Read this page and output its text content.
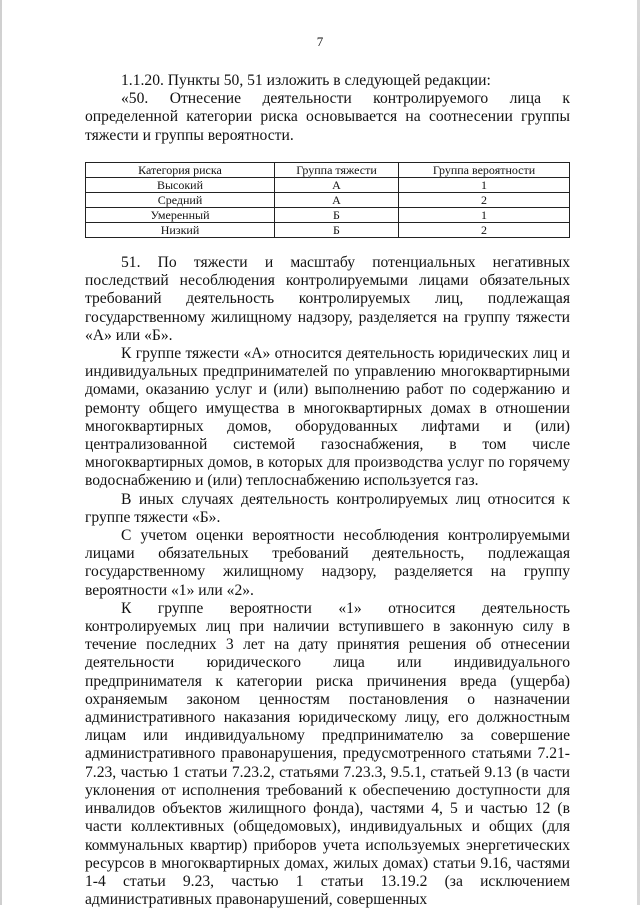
7

1.1.20. Пункты 50, 51 изложить в следующей редакции:

«50. Отнесение деятельности контролируемого лица к определенной категории риска основывается на соотнесении группы тяжести и группы вероятности.

Категория риска	Группа тяжести	Группа вероятности
Высокий	А	1
Средний	А	2
Умеренный	Б	1
Низкий	Б	2

51. По тяжести и масштабу потенциальных негативных последствий несоблюдения контролируемыми лицами обязательных требований деятельность контролируемых лиц, подлежащая государственному жилищному надзору, разделяется на группу тяжести «А» или «Б».

К группе тяжести «А» относится деятельность юридических лиц и индивидуальных предпринимателей по управлению многоквартирными домами, оказанию услуг и (или) выполнению работ по содержанию и ремонту общего имущества в многоквартирных домах в отношении многоквартирных домов, оборудованных лифтами и (или) централизованной системой газоснабжения, в том числе многоквартирных домов, в которых для производства услуг по горячему водоснабжению и (или) теплоснабжению используется газ.

В иных случаях деятельность контролируемых лиц относится к группе тяжести «Б».

С учетом оценки вероятности несоблюдения контролируемыми лицами обязательных требований деятельность, подлежащая государственному жилищному надзору, разделяется на группу вероятности «1» или «2».

К группе вероятности «1» относится деятельность контролируемых лиц при наличии вступившего в законную силу в течение последних 3 лет на дату принятия решения об отнесении деятельности юридического лица или индивидуального предпринимателя к категории риска причинения вреда (ущерба) охраняемым законом ценностям постановления о назначении административного наказания юридическому лицу, его должностным лицам или индивидуальному предпринимателю за совершение административного правонарушения, предусмотренного статьями 7.21-7.23, частью 1 статьи 7.23.2, статьями 7.23.3, 9.5.1, статьей 9.13 (в части уклонения от исполнения требований к обеспечению доступности для инвалидов объектов жилищного фонда), частями 4, 5 и частью 12 (в части коллективных (общедомовых), индивидуальных и общих (для коммунальных квартир) приборов учета используемых энергетических ресурсов в многоквартирных домах, жилых домах) статьи 9.16, частями 1-4 статьи 9.23, частью 1 статьи 13.19.2 (за исключением административных правонарушений, совершенных
